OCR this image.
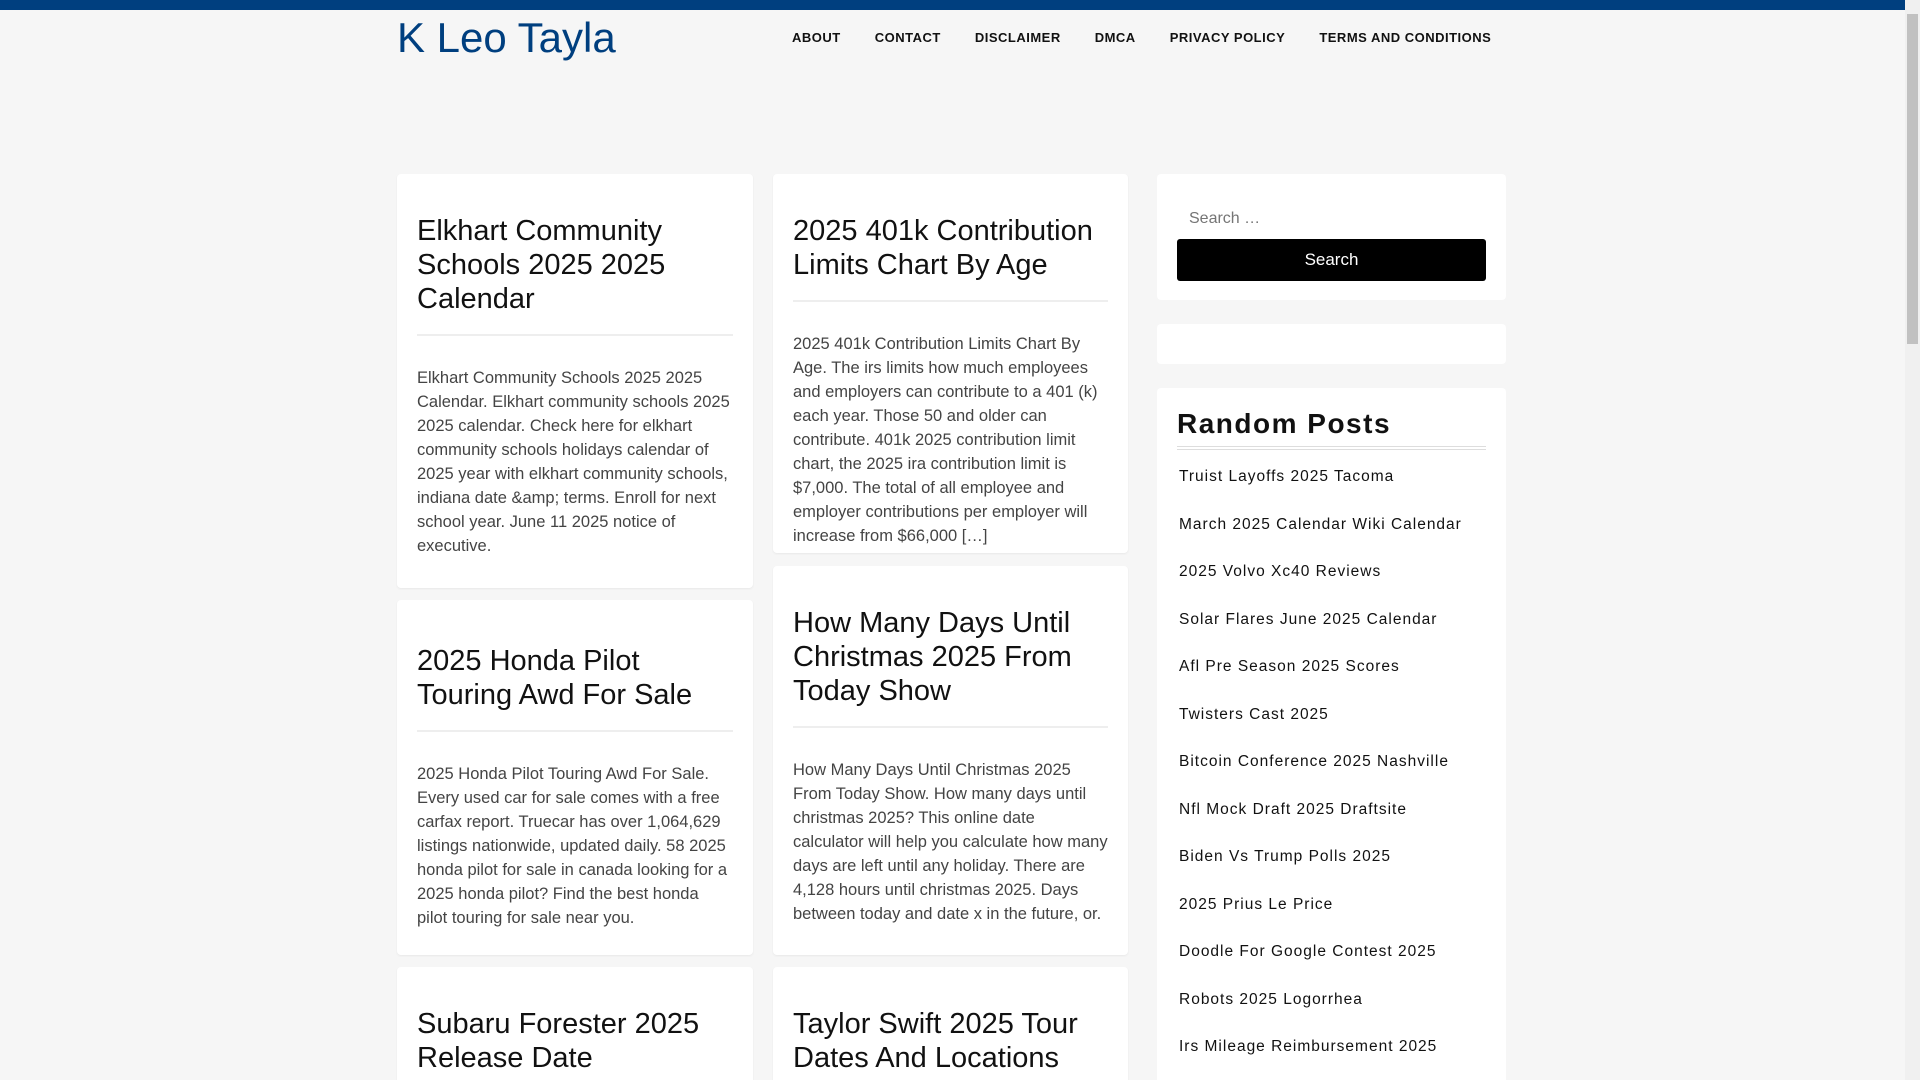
K Leo Tayla	ABOUT	CONTACT	DISCLAIMER	DMCA	PRIVACY POLICY	TERMS AND CONDITIONS
Elkhart Community Schools 2025 2025 Calendar

Elkhart Community Schools 2025 2025 Calendar. Elkhart community schools 2025 2025 calendar. Check here for elkhart community schools holidays calendar of 2025 year with elkhart community schools, indiana date &amp; terms. Enroll for next school year. June 11 2025 notice of executive.

2025 401k Contribution Limits Chart By Age

2025 401k Contribution Limits Chart By Age. The irs limits how much employees and employers can contribute to a 401 (k) each year. Those 50 and older can contribute. 401k 2025 contribution limit chart, the 2025 ira contribution limit is $7,000. The total of all employee and employer contributions per employer will increase from $66,000 […]

2025 Honda Pilot Touring Awd For Sale

2025 Honda Pilot Touring Awd For Sale. Every used car for sale comes with a free carfax report. Truecar has over 1,064,629 listings nationwide, updated daily. 58 2025 honda pilot for sale in canada looking for a 2025 honda pilot? Find the best honda pilot touring for sale near you.

How Many Days Until Christmas 2025 From Today Show

How Many Days Until Christmas 2025 From Today Show. How many days until christmas 2025? This online date calculator will help you calculate how many days are left until any holiday. There are 4,128 hours until christmas 2025. Days between today and date x in the future, or.

Subaru Forester 2025 Release Date
Taylor Swift 2025 Tour Dates And Locations
Search …
Search
Random Posts
Truist Layoffs 2025 Tacoma
March 2025 Calendar Wiki Calendar
2025 Volvo Xc40 Reviews
Solar Flares June 2025 Calendar
Afl Pre Season 2025 Scores
Twisters Cast 2025
Bitcoin Conference 2025 Nashville
Nfl Mock Draft 2025 Draftsite
Biden Vs Trump Polls 2025
2025 Prius Le Price
Doodle For Google Contest 2025
Robots 2025 Logorrhea
Irs Mileage Reimbursement 2025
